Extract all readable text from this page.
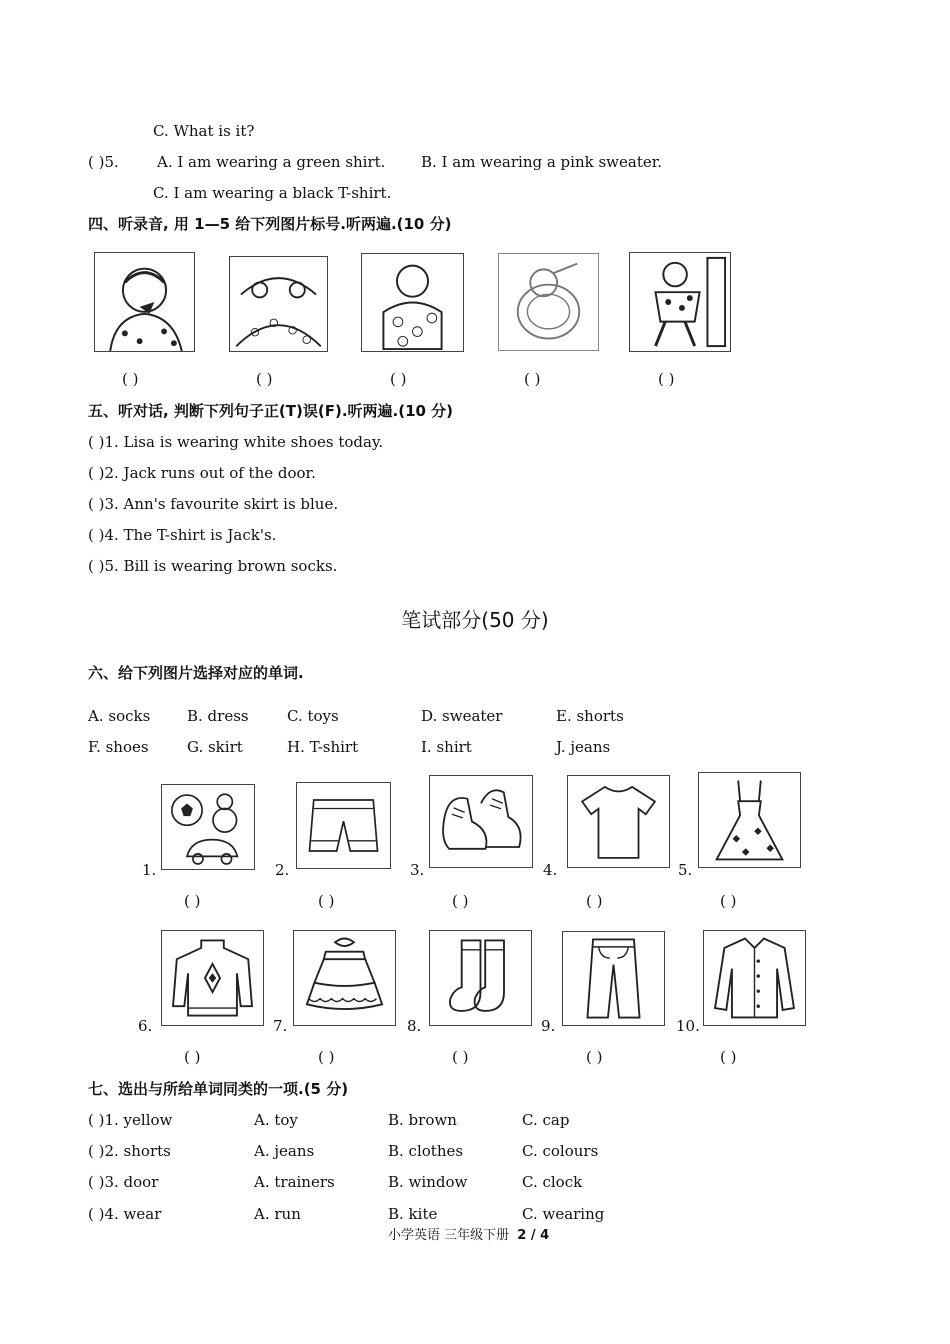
C. What is it?
( )5.	A. I am wearing a green shirt. B. I am wearing a pink sweater.
C. I am wearing a black T-shirt.
四、听录音, 用 1—5 给下列图片标号.听两遍.(10 分)
( )	( )	( )	( )	( )
五、听对话, 判断下列句子正(T)误(F).听两遍.(10 分)
( )1. Lisa is wearing white shoes today.
( )2. Jack runs out of the door.
( )3. Ann's favourite skirt is blue.
( )4. The T-shirt is Jack's.
( )5. Bill is wearing brown socks.
笔试部分(50 分)
六、给下列图片选择对应的单词.
A. socks B. dress	C. toys	D. sweater	E. shorts
F. shoes	G. skirt	H. T-shirt	I. shirt	J. jeans
1.	2.	3.	4.	5.
( )	( )	( )	( )	( )
6.	7.	8.	9.	10.
( )	( )	( )	( )	( )
七、选出与所给单词同类的一项.(5 分)
( )1. yellow	A. toy	B. brown	C. cap
( )2. shorts	A. jeans	B. clothes	C. colours
( )3. door	A. trainers	B. window	C. clock
( )4. wear	A. run	B. kite	C. wearing
小学英语 三年级下册 2 / 4
